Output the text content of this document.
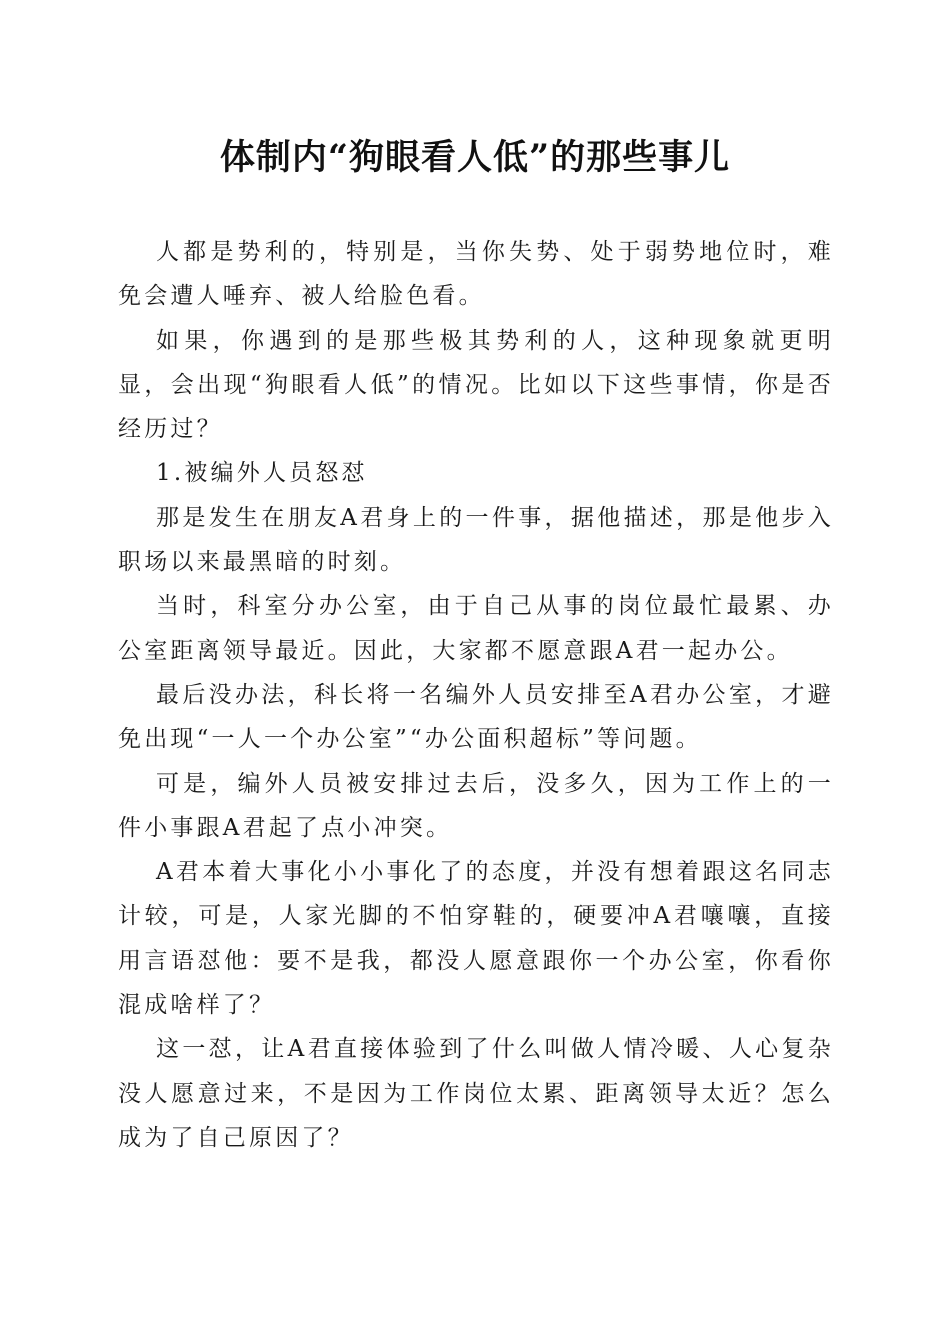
体制内“狗眼看人低”的那些事儿

人都是势利的，特别是，当你失势、处于弱势地位时，难免会遭人唾弃、被人给脸色看。

如果，你遇到的是那些极其势利的人，这种现象就更明显，会出现“狗眼看人低”的情况。比如以下这些事情，你是否经历过？

1.被编外人员怒怼

那是发生在朋友A君身上的一件事，据他描述，那是他步入职场以来最黑暗的时刻。

当时，科室分办公室，由于自己从事的岗位最忙最累、办公室距离领导最近。因此，大家都不愿意跟A君一起办公。

最后没办法，科长将一名编外人员安排至A君办公室，才避免出现“一人一个办公室”“办公面积超标”等问题。

可是，编外人员被安排过去后，没多久，因为工作上的一件小事跟A君起了点小冲突。

A君本着大事化小小事化了的态度，并没有想着跟这名同志计较，可是，人家光脚的不怕穿鞋的，硬要冲A君嚷嚷，直接用言语怼他：要不是我，都没人愿意跟你一个办公室，你看你混成啥样了？

这一怼，让A君直接体验到了什么叫做人情冷暖、人心复杂没人愿意过来，不是因为工作岗位太累、距离领导太近？怎么成为了自己原因了？
